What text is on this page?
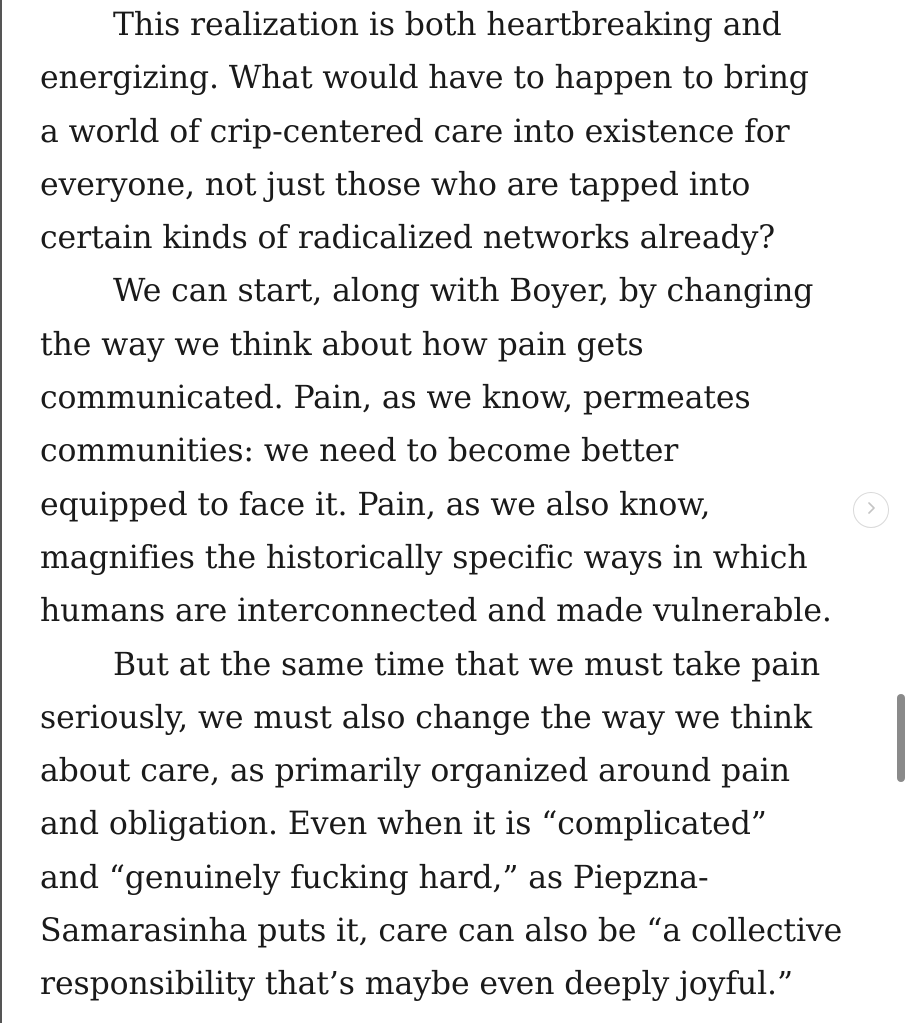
This realization is both heartbreaking and
energizing. What would have to happen to bring
a world of crip-centered care into existence for
everyone, not just those who are tapped into
certain kinds of radicalized networks already?
We can start, along with Boyer, by changing
the way we think about how pain gets
communicated. Pain, as we know, permeates
communities: we need to become better
equipped to face it. Pain, as we also know,
magnifies the historically specific ways in which
humans are interconnected and made vulnerable.
But at the same time that we must take pain
seriously, we must also change the way we think
about care, as primarily organized around pain
and obligation. Even when it is “complicated”
and “genuinely fucking hard,” as Piepzna-
Samarasinha puts it, care can also be “a collective
responsibility that’s maybe even deeply joyful.”
